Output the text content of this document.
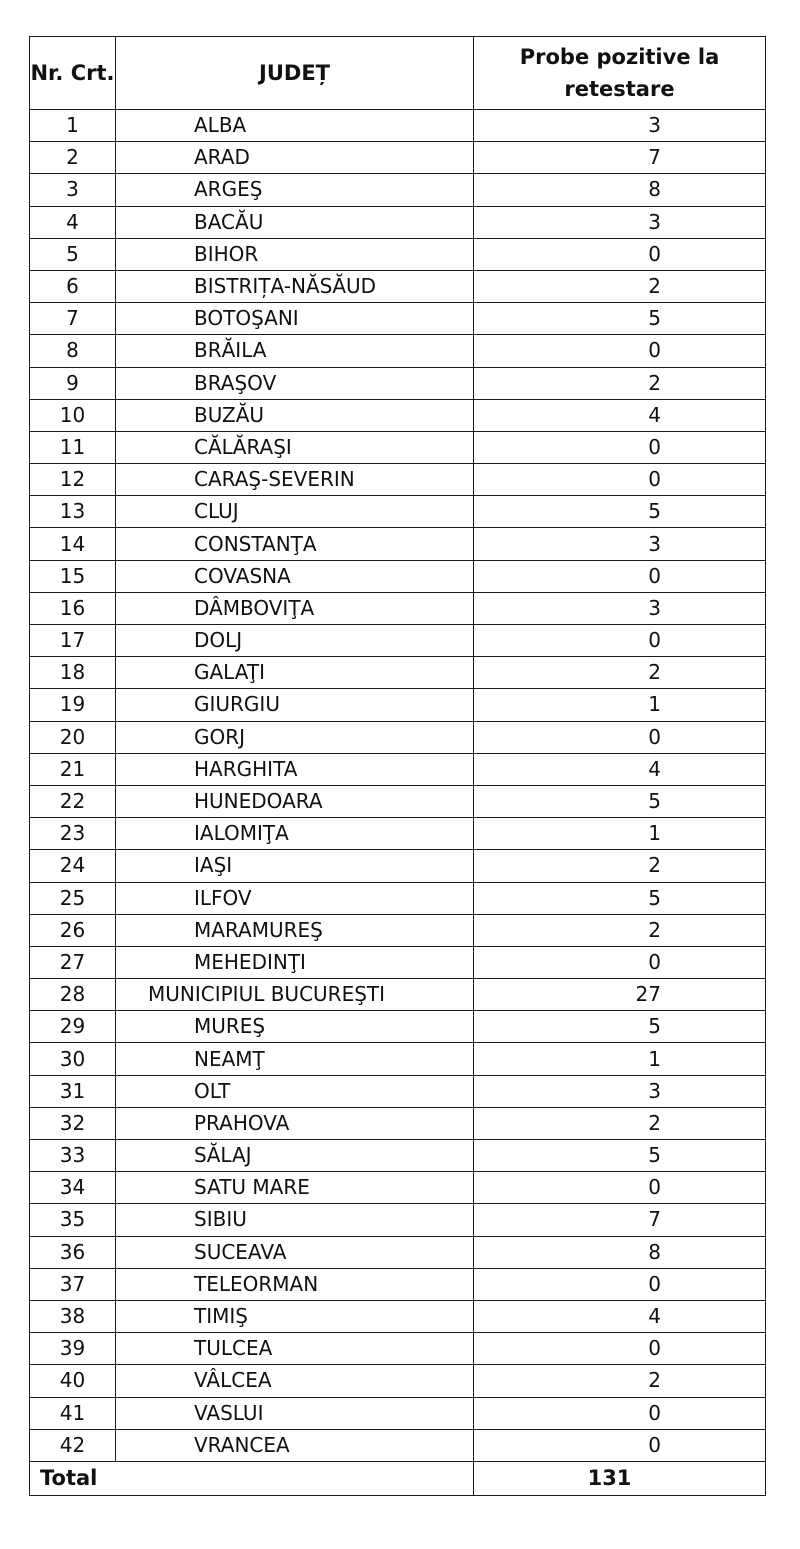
Nr. Crt.	JUDEȚ	Probe pozitive la retestare

1	ALBA	3
2	ARAD	7
3	ARGEŞ	8
4	BACĂU	3
5	BIHOR	0
6	BISTRIȚA-NĂSĂUD	2
7	BOTOŞANI	5
8	BRĂILA	0
9	BRAŞOV	2
10	BUZĂU	4
11	CĂLĂRAŞI	0
12	CARAŞ-SEVERIN	0
13	CLUJ	5
14	CONSTANŢA	3
15	COVASNA	0
16	DÂMBOVIŢA	3
17	DOLJ	0
18	GALAŢI	2
19	GIURGIU	1
20	GORJ	0
21	HARGHITA	4
22	HUNEDOARA	5
23	IALOMIŢA	1
24	IAŞI	2
25	ILFOV	5
26	MARAMUREŞ	2
27	MEHEDINŢI	0
28	MUNICIPIUL BUCUREŞTI	27
29	MUREŞ	5
30	NEAMŢ	1
31	OLT	3
32	PRAHOVA	2
33	SĂLAJ	5
34	SATU MARE	0
35	SIBIU	7
36	SUCEAVA	8
37	TELEORMAN	0
38	TIMIŞ	4
39	TULCEA	0
40	VÂLCEA	2
41	VASLUI	0
42	VRANCEA	0
Total		131
